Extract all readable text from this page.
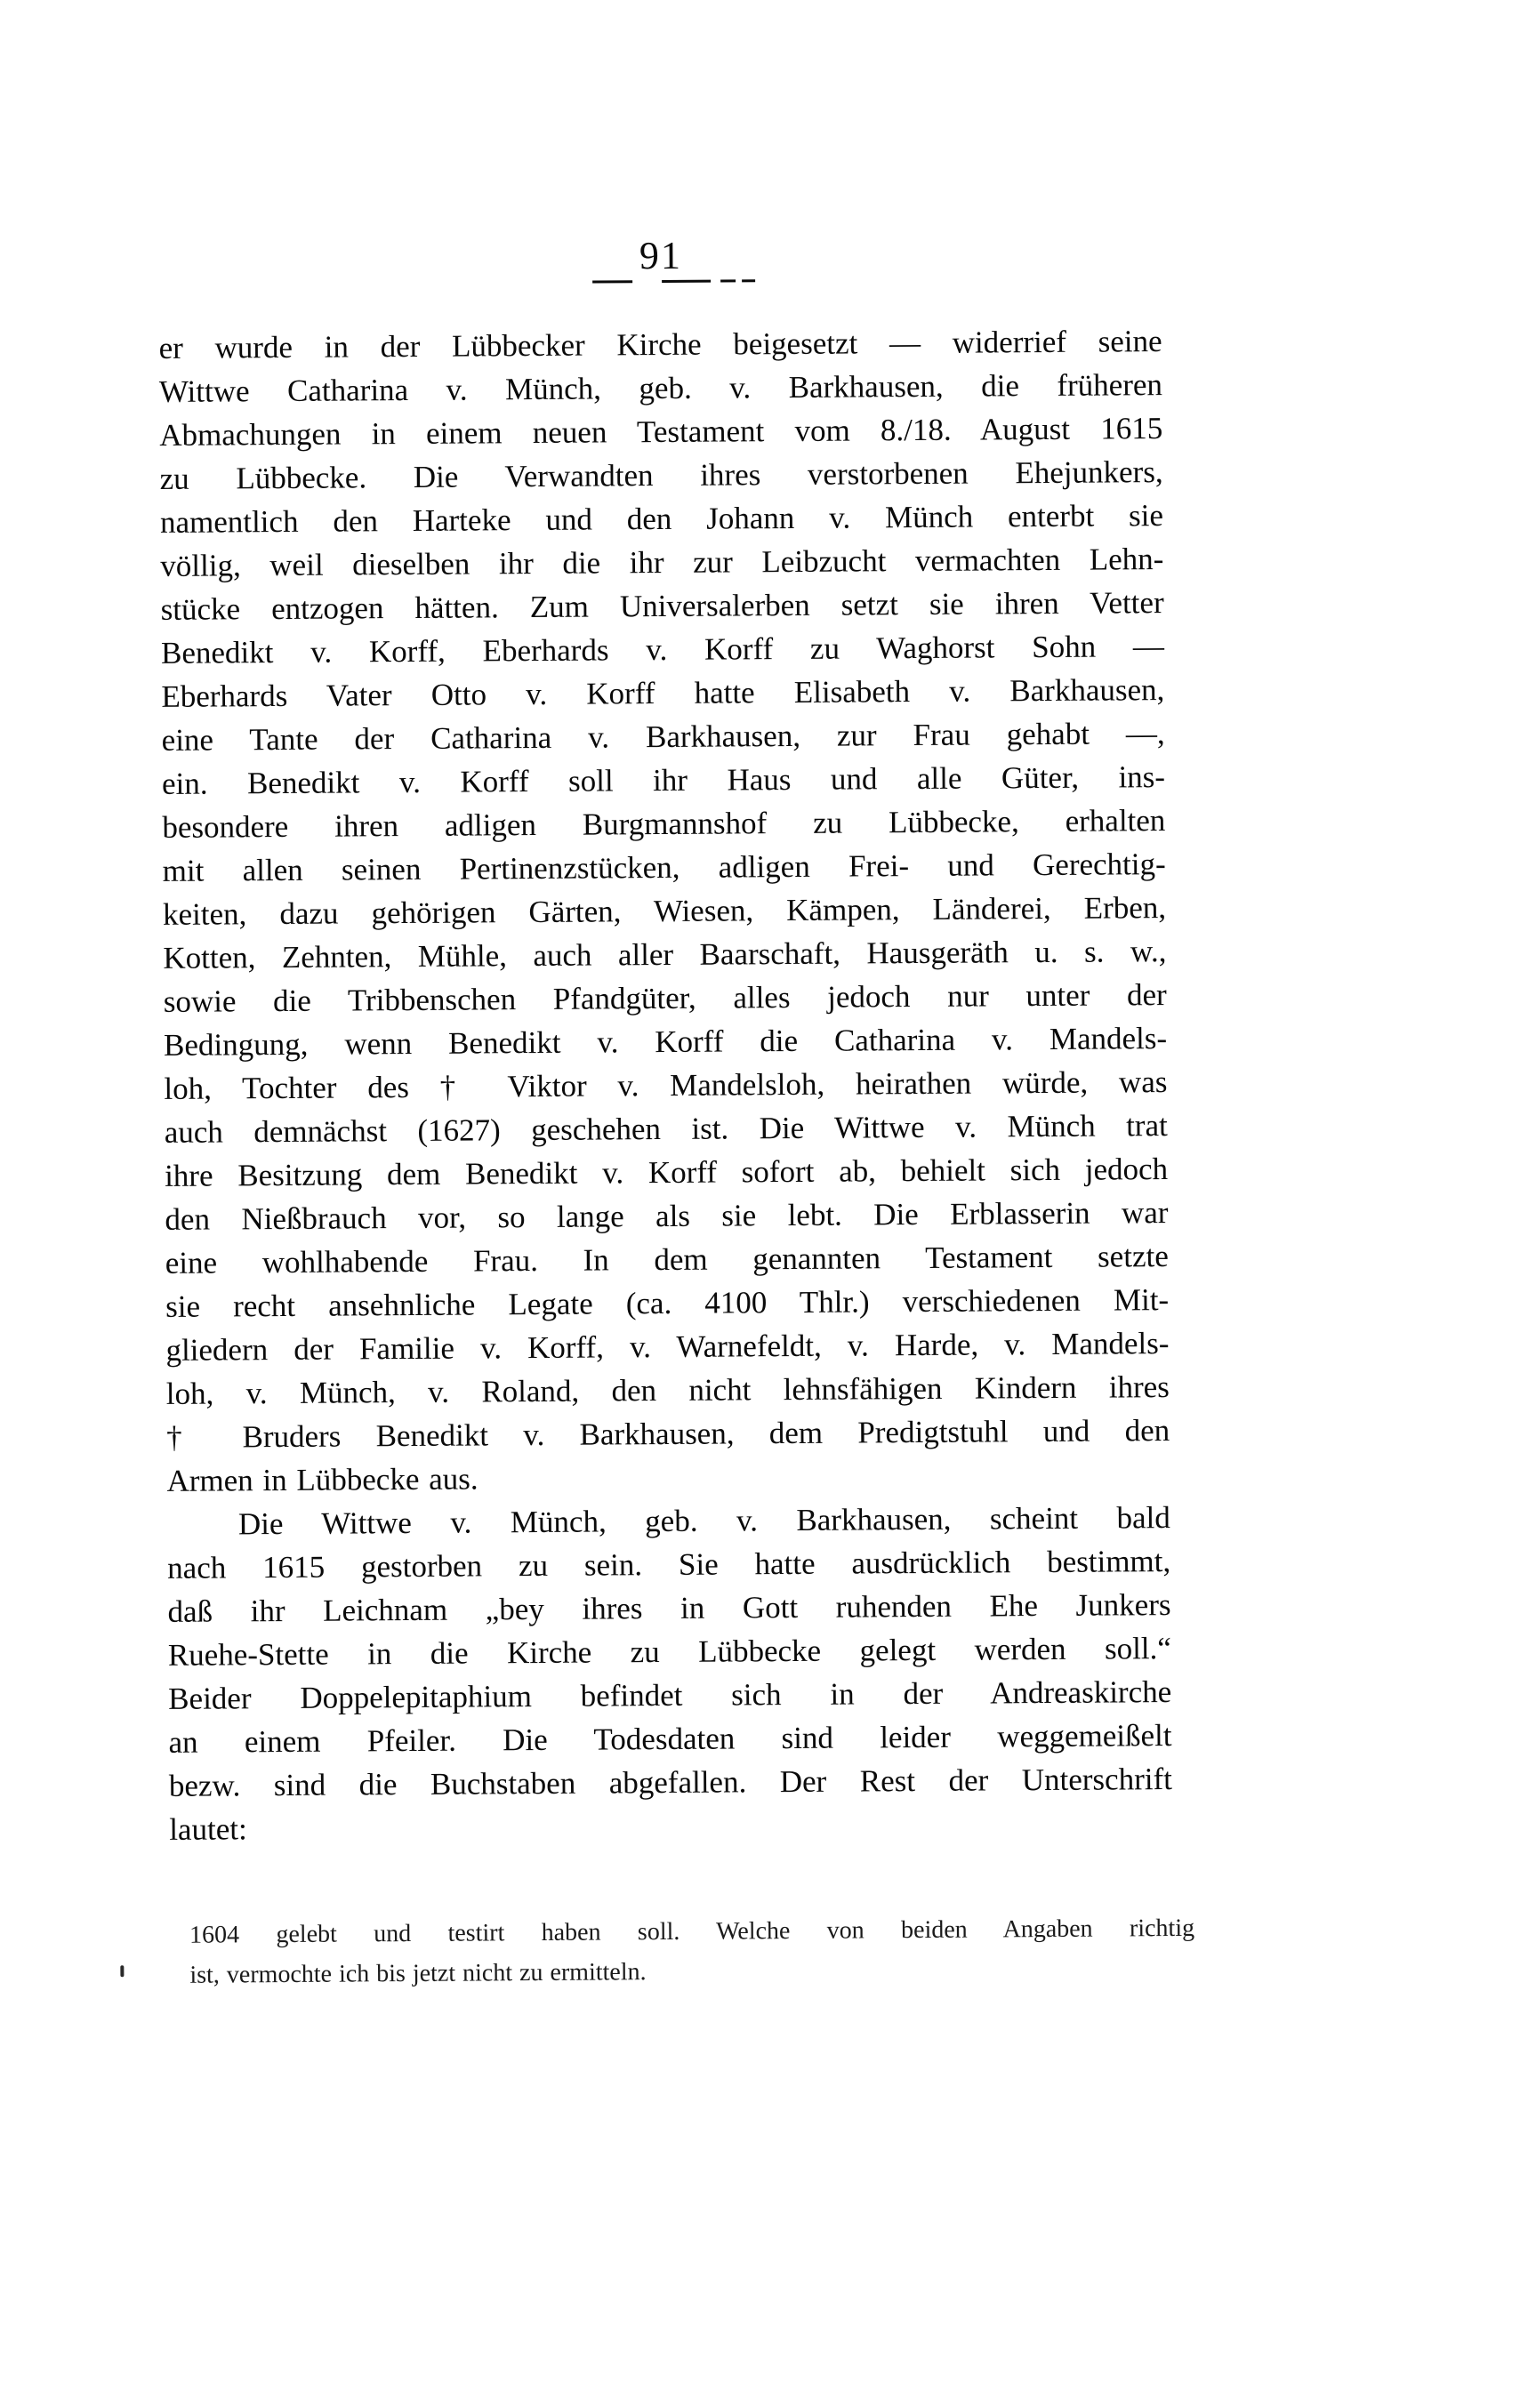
91
er wurde in der Lübbecker Kirche beigesetzt — widerrief seine
Wittwe Catharina v. Münch, geb. v. Barkhausen, die früheren
Abmachungen in einem neuen Testament vom 8./18. August 1615
zu Lübbecke. Die Verwandten ihres verstorbenen Ehejunkers,
namentlich den Harteke und den Johann v. Münch enterbt sie
völlig, weil dieselben ihr die ihr zur Leibzucht vermachten Lehn-
stücke entzogen hätten. Zum Universalerben setzt sie ihren Vetter
Benedikt v. Korff, Eberhards v. Korff zu Waghorst Sohn —
Eberhards Vater Otto v. Korff hatte Elisabeth v. Barkhausen,
eine Tante der Catharina v. Barkhausen, zur Frau gehabt —,
ein. Benedikt v. Korff soll ihr Haus und alle Güter, ins-
besondere ihren adligen Burgmannshof zu Lübbecke, erhalten
mit allen seinen Pertinenzstücken, adligen Frei- und Gerechtig-
keiten, dazu gehörigen Gärten, Wiesen, Kämpen, Länderei, Erben,
Kotten, Zehnten, Mühle, auch aller Baarschaft, Hausgeräth u. s. w.,
sowie die Tribbenschen Pfandgüter, alles jedoch nur unter der
Bedingung, wenn Benedikt v. Korff die Catharina v. Mandels-
loh, Tochter des † Viktor v. Mandelsloh, heirathen würde, was
auch demnächst (1627) geschehen ist. Die Wittwe v. Münch trat
ihre Besitzung dem Benedikt v. Korff sofort ab, behielt sich jedoch
den Nießbrauch vor, so lange als sie lebt. Die Erblasserin war
eine wohlhabende Frau. In dem genannten Testament setzte
sie recht ansehnliche Legate (ca. 4100 Thlr.) verschiedenen Mit-
gliedern der Familie v. Korff, v. Warnefeldt, v. Harde, v. Mandels-
loh, v. Münch, v. Roland, den nicht lehnsfähigen Kindern ihres
† Bruders Benedikt v. Barkhausen, dem Predigtstuhl und den
Armen in Lübbecke aus.
Die Wittwe v. Münch, geb. v. Barkhausen, scheint bald
nach 1615 gestorben zu sein. Sie hatte ausdrücklich bestimmt,
daß ihr Leichnam „bey ihres in Gott ruhenden Ehe Junkers
Ruehe-Stette in die Kirche zu Lübbecke gelegt werden soll.“
Beider Doppelepitaphium befindet sich in der Andreaskirche
an einem Pfeiler. Die Todesdaten sind leider weggemeißelt
bezw. sind die Buchstaben abgefallen. Der Rest der Unterschrift
lautet:
1604 gelebt und testirt haben soll. Welche von beiden Angaben richtig
ist, vermochte ich bis jetzt nicht zu ermitteln.
